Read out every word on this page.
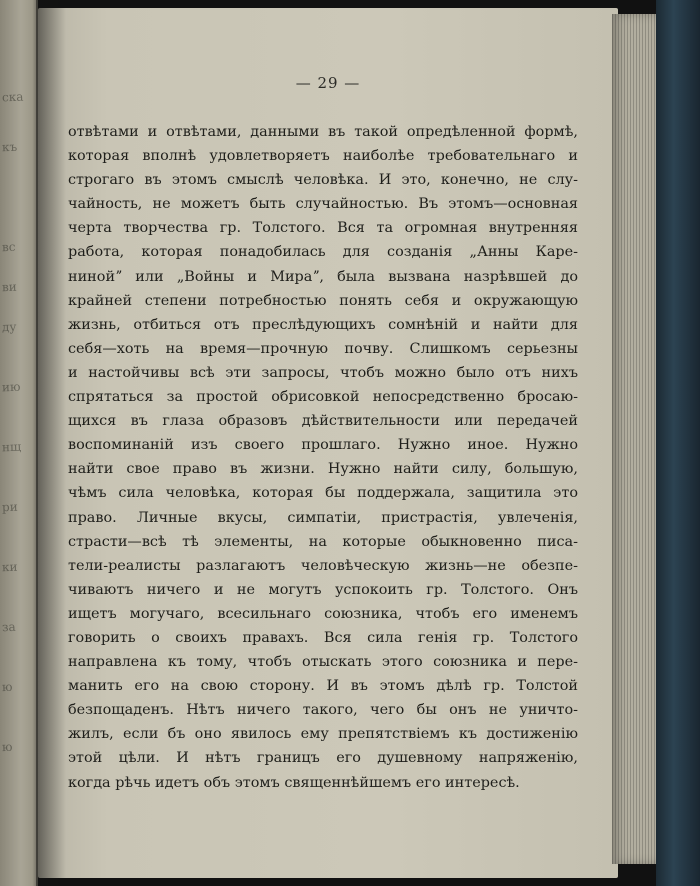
ска
къ
вс
ви
ду
ию
нщ
ри
ки
за
ю
ю

— 29 —

отвѣтами и отвѣтами, данными въ такой опредѣленной формѣ,
которая вполнѣ удовлетворяетъ наиболѣе требовательнаго и
строгаго въ этомъ смыслѣ человѣка. И это, конечно, не слу-
чайность, не можетъ быть случайностью. Въ этомъ—основная
черта творчества гр. Толстого. Вся та огромная внутренняя
работа, которая понадобилась для созданія „Анны Каре-
нинойˮ или „Войны и Мираˮ, была вызвана назрѣвшей до
крайней степени потребностью понять себя и окружающую
жизнь, отбиться отъ преслѣдующихъ сомнѣній и найти для
себя—хоть на время—прочную почву. Слишкомъ серьезны
и настойчивы всѣ эти запросы, чтобъ можно было отъ нихъ
спрятаться за простой обрисовкой непосредственно бросаю-
щихся въ глаза образовъ дѣйствительности или передачей
воспоминаній изъ своего прошлаго. Нужно иное. Нужно
найти свое право въ жизни. Нужно найти силу, большую,
чѣмъ сила человѣка, которая бы поддержала, защитила это
право. Личные вкусы, симпатіи, пристрастія, увлеченія,
страсти—всѣ тѣ элементы, на которые обыкновенно писа-
тели-реалисты разлагаютъ человѣческую жизнь—не обезпе-
чиваютъ ничего и не могутъ успокоить гр. Толстого. Онъ
ищетъ могучаго, всесильнаго союзника, чтобъ его именемъ
говорить о своихъ правахъ. Вся сила генія гр. Толстого
направлена къ тому, чтобъ отыскать этого союзника и пере-
манить его на свою сторону. И въ этомъ дѣлѣ гр. Толстой
безпощаденъ. Нѣтъ ничего такого, чего бы онъ не уничто-
жилъ, если бъ оно явилось ему препятствіемъ къ достиженію
этой цѣли. И нѣтъ границъ его душевному напряженію,
когда рѣчь идетъ объ этомъ священнѣйшемъ его интересѣ.
